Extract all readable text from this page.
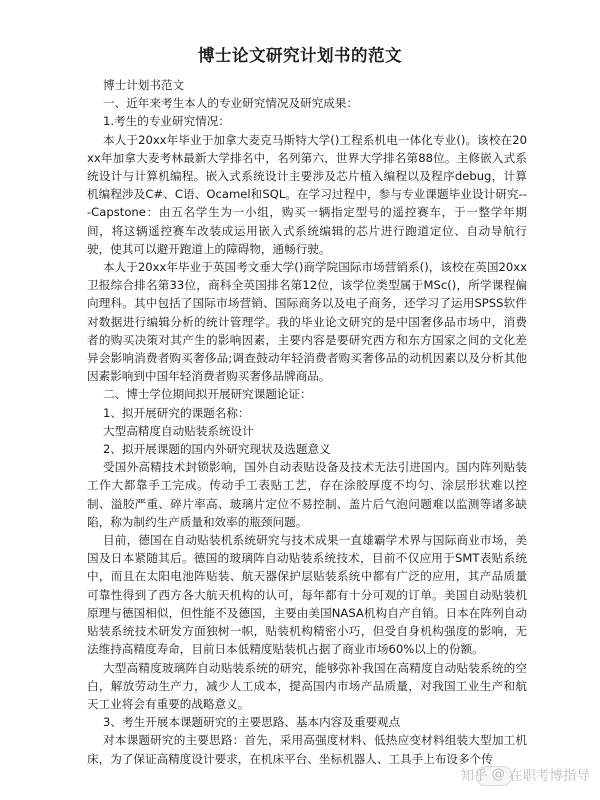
博士论文研究计划书的范文

博士计划书范文

一、近年来考生本人的专业研究情况及研究成果：

1.考生的专业研究情况：

本人于20xx年毕业于加拿大麦克马斯特大学()工程系机电一体化专业()。该校在20xx年加拿大麦考林最新大学排名中，名列第六，世界大学排名第88位。主修嵌入式系统设计与计算机编程。嵌入式系统设计主要涉及芯片植入编程以及程序debug，计算机编程涉及C#、C语、Ocamel和SQL。在学习过程中，参与专业课题毕业设计研究---Capstone：由五名学生为一小组，购买一辆指定型号的遥控赛车，于一整学年期间，将这辆遥控赛车改装成运用嵌入式系统编辑的芯片进行跑道定位、自动导航行驶，使其可以避开跑道上的障碍物，通畅行驶。

本人于20xx年毕业于英国考文垂大学()商学院国际市场营销系()，该校在英国20xx卫报综合排名第33位，商科全英国排名第12位，该学位类型属于MSc()，所学课程偏向理科。其中包括了国际市场营销、国际商务以及电子商务，还学习了运用SPSS软件对数据进行编辑分析的统计管理学。我的毕业论文研究的是中国奢侈品市场中，消费者的购买决策对其产生的影响因素，主要内容是要研究西方和东方国家之间的文化差异会影响消费者购买奢侈品;调查鼓动年轻消费者购买奢侈品的动机因素以及分析其他因素影响到中国年轻消费者购买奢侈品牌商品。

二、博士学位期间拟开展研究课题论证：

1、拟开展研究的课题名称：

大型高精度自动贴装系统设计

2、拟开展课题的国内外研究现状及选题意义

受国外高精技术封锁影响，国外自动表贴设备及技术无法引进国内。国内阵列贴装工作大都靠手工完成。传动手工表贴工艺，存在涂胶厚度不均匀、涂层形状难以控制、溢胶严重、碎片率高、玻璃片定位不易控制、盖片后气泡问题难以监测等诸多缺陷，称为制约生产质量和效率的瓶颈问题。

目前，德国在自动贴装机系统研究与技术成果一直雄霸学术界与国际商业市场，美国及日本紧随其后。德国的玻璃阵自动贴装系统技术，目前不仅应用于SMT表贴系统中，而且在太阳电池阵贴装、航天器保护层贴装系统中都有广泛的应用，其产品质量可靠性得到了西方各大航天机构的认可，每年都有十分可观的订单。美国自动贴装机原理与德国相似，但性能不及德国，主要由美国NASA机构自产自销。日本在阵列自动贴装系统技术研发方面独树一帜，贴装机构精密小巧，但受自身机构强度的影响，无法维持高精度寿命，目前日本低精度贴装机占据了商业市场60%以上的份额。

大型高精度玻璃阵自动贴装系统的研究，能够弥补我国在高精度自动贴装系统的空白，解放劳动生产力，减少人工成本，提高国内市场产品质量，对我国工业生产和航天工业将会有重要的战略意义。

3、考生开展本课题研究的主要思路、基本内容及重要观点

对本课题研究的主要思路：首先，采用高强度材料、低热应变材料组装大型加工机床，为了保证高精度设计要求，在机床平台、坐标机器人、工具手上布设多个传

知乎 @ 在职考博指导
